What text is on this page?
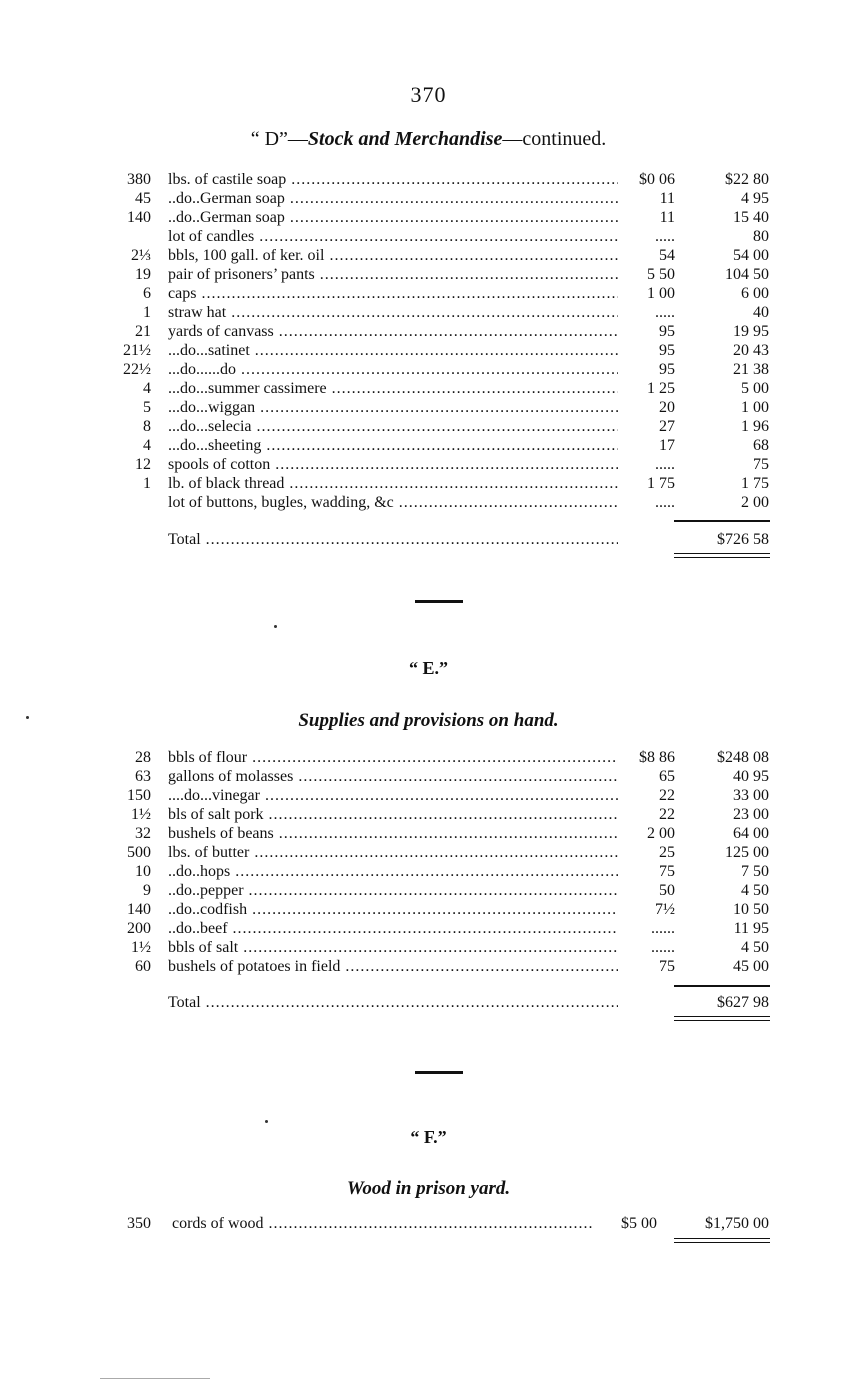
370
“ D”—Stock and Merchandise—continued.
380 lbs. of castile soap .....	$0 06	$22 80
45 ..do..German soap .....	11	4 95
140 ..do..German soap .....	11	15 40
lot of candles .....	.....	80
2⅓ bbls, 100 gall. of ker. oil .....	54	54 00
19 pair of prisoners’ pants .....	5 50	104 50
6 caps .....	1 00	6 00
1 straw hat .....	.....	40
21 yards of canvass .....	95	19 95
21½ ...do...satinet .....	95	20 43
22½ ...do......do .....	95	21 38
4 ...do...summer cassimere .....	1 25	5 00
5 ...do...wiggan .....	20	1 00
8 ...do...selecia .....	27	1 96
4 ...do...sheeting .....	17	68
12 spools of cotton .....	.....	75
1 lb. of black thread .....	1 75	1 75
lot of buttons, bugles, wadding, &c .....	.....	2 00
Total .....	$726 58
“ E.”
Supplies and provisions on hand.
28 bbls of flour .....	$8 86	$248 08
63 gallons of molasses .....	65	40 95
150 ....do...vinegar .....	22	33 00
1½ bls of salt pork .....	22	23 00
32 bushels of beans .....	2 00	64 00
500 lbs. of butter .....	25	125 00
10 ..do..hops .....	75	7 50
9 ..do..pepper .....	50	4 50
140 ..do..codfish .....	7½	10 50
200 ..do..beef .....	......	11 95
1½ bbls of salt .....	......	4 50
60 bushels of potatoes in field .....	75	45 00
Total .....	$627 98
“ F.”
Wood in prison yard.
350 cords of wood .....	$5 00	$1,750 00
